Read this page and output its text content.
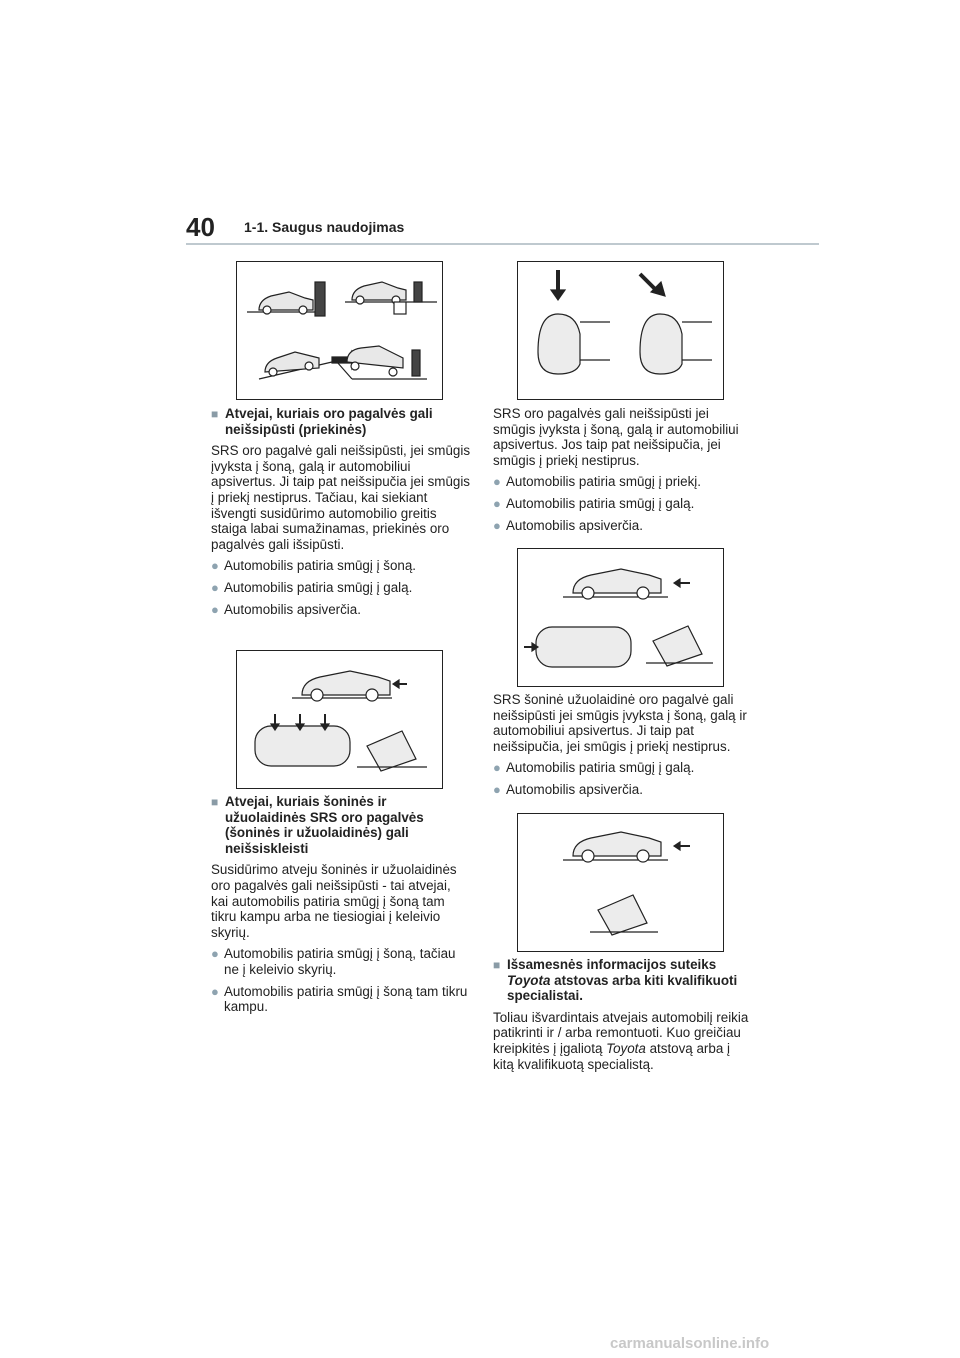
40 1-1. Saugus naudojimas
■ Atvejai, kuriais oro pagalvės gali neišsipūsti (priekinės)

SRS oro pagalvė gali neišsipūsti, jei smūgis įvyksta į šoną, galą ir automobiliui apsivertus. Ji taip pat neišsipučia jei smūgis į priekį nestiprus. Tačiau, kai siekiant išvengti susidūrimo automobilio greitis staiga labai sumažinamas, priekinės oro pagalvės gali išsipūsti.

● Automobilis patiria smūgį į šoną.
● Automobilis patiria smūgį į galą.
● Automobilis apsiverčia.
■ Atvejai, kuriais šoninės ir užuolaidinės SRS oro pagalvės (šoninės ir užuolaidinės) gali neišsiskleisti

Susidūrimo atveju šoninės ir užuolaidinės oro pagalvės gali neišsipūsti - tai atvejai, kai automobilis patiria smūgį į šoną tam tikru kampu arba ne tiesiogiai į keleivio skyrių.

● Automobilis patiria smūgį į šoną, tačiau ne į keleivio skyrių.
● Automobilis patiria smūgį į šoną tam tikru kampu.

SRS oro pagalvės gali neišsipūsti jei smūgis įvyksta į šoną, galą ir automobiliui apsivertus. Jos taip pat neišsipučia, jei smūgis į priekį nestiprus.

● Automobilis patiria smūgį į priekį.
● Automobilis patiria smūgį į galą.
● Automobilis apsiverčia.

SRS šoninė užuolaidinė oro pagalvė gali neišsipūsti jei smūgis įvyksta į šoną, galą ir automobiliui apsivertus. Ji taip pat neišsipučia, jei smūgis į priekį nestiprus.

● Automobilis patiria smūgį į galą.
● Automobilis apsiverčia.
■ Išsamesnės informacijos suteiks Toyota atstovas arba kiti kvalifikuoti specialistai.

Toliau išvardintais atvejais automobilį reikia patikrinti ir / arba remontuoti. Kuo greičiau kreipkitės į įgaliotą Toyota atstovą arba į kitą kvalifikuotą specialistą.

carmanualsonline.info
